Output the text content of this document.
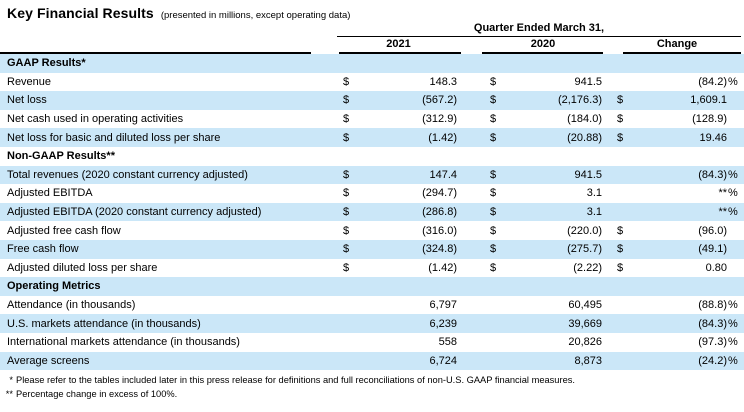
Key Financial Results (presented in millions, except operating data)
Quarter Ended March 31,
2021	2020	Change
GAAP Results*
Revenue	$	148.3	$	941.5	(84.2) %
Net loss	$	(567.2)	$	(2,176.3) $	1,609.1
Net cash used in operating activities	$	(312.9)	$	(184.0) $	(128.9)
Net loss for basic and diluted loss per share	$	(1.42)	$	(20.88) $	19.46
Non-GAAP Results**
Total revenues (2020 constant currency adjusted)	$	147.4	$	941.5	(84.3) %
Adjusted EBITDA	$	(294.7)	$	3.1	** %
Adjusted EBITDA (2020 constant currency adjusted)	$	(286.8)	$	3.1	** %
Adjusted free cash flow	$	(316.0)	$	(220.0) $	(96.0)
Free cash flow	$	(324.8)	$	(275.7) $	(49.1)
Adjusted diluted loss per share	$	(1.42)	$	(2.22) $	0.80
Operating Metrics
Attendance (in thousands)	6,797	60,495	(88.8) %
U.S. markets attendance (in thousands)	6,239	39,669	(84.3) %
International markets attendance (in thousands)	558	20,826	(97.3) %
Average screens	6,724	8,873	(24.2) %
* Please refer to the tables included later in this press release for definitions and full reconciliations of non-U.S. GAAP financial measures.
** Percentage change in excess of 100%.
